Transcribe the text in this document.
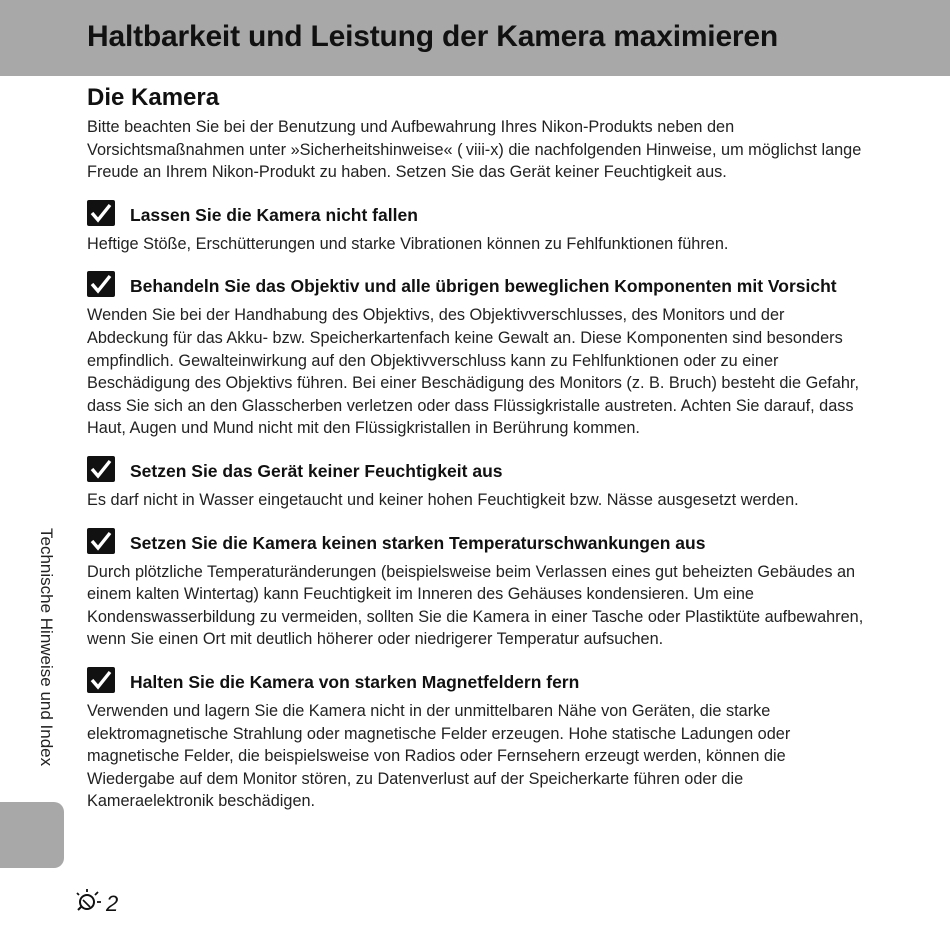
Haltbarkeit und Leistung der Kamera maximieren
Die Kamera

Bitte beachten Sie bei der Benutzung und Aufbewahrung Ihres Nikon-Produkts neben den Vorsichtsmaßnahmen unter »Sicherheitshinweise« ( viii-x) die nachfolgenden Hinweise, um möglichst lange Freude an Ihrem Nikon-Produkt zu haben. Setzen Sie das Gerät keiner Feuchtigkeit aus.

Lassen Sie die Kamera nicht fallen

Heftige Stöße, Erschütterungen und starke Vibrationen können zu Fehlfunktionen führen.

Behandeln Sie das Objektiv und alle übrigen beweglichen Komponenten mit Vorsicht

Wenden Sie bei der Handhabung des Objektivs, des Objektivverschlusses, des Monitors und der Abdeckung für das Akku- bzw. Speicherkartenfach keine Gewalt an. Diese Komponenten sind besonders empfindlich. Gewalteinwirkung auf den Objektivverschluss kann zu Fehlfunktionen oder zu einer Beschädigung des Objektivs führen. Bei einer Beschädigung des Monitors (z. B. Bruch) besteht die Gefahr, dass Sie sich an den Glasscherben verletzen oder dass Flüssigkristalle austreten. Achten Sie darauf, dass Haut, Augen und Mund nicht mit den Flüssigkristallen in Berührung kommen.

Setzen Sie das Gerät keiner Feuchtigkeit aus

Es darf nicht in Wasser eingetaucht und keiner hohen Feuchtigkeit bzw. Nässe ausgesetzt werden.

Setzen Sie die Kamera keinen starken Temperaturschwankungen aus

Durch plötzliche Temperaturänderungen (beispielsweise beim Verlassen eines gut beheizten Gebäudes an einem kalten Wintertag) kann Feuchtigkeit im Inneren des Gehäuses kondensieren. Um eine Kondenswasserbildung zu vermeiden, sollten Sie die Kamera in einer Tasche oder Plastiktüte aufbewahren, wenn Sie einen Ort mit deutlich höherer oder niedrigerer Temperatur aufsuchen.

Halten Sie die Kamera von starken Magnetfeldern fern

Verwenden und lagern Sie die Kamera nicht in der unmittelbaren Nähe von Geräten, die starke elektromagnetische Strahlung oder magnetische Felder erzeugen. Hohe statische Ladungen oder magnetische Felder, die beispielsweise von Radios oder Fernsehern erzeugt werden, können die Wiedergabe auf dem Monitor stören, zu Datenverlust auf der Speicherkarte führen oder die Kameraelektronik beschädigen.

Technische Hinweise und Index
2
